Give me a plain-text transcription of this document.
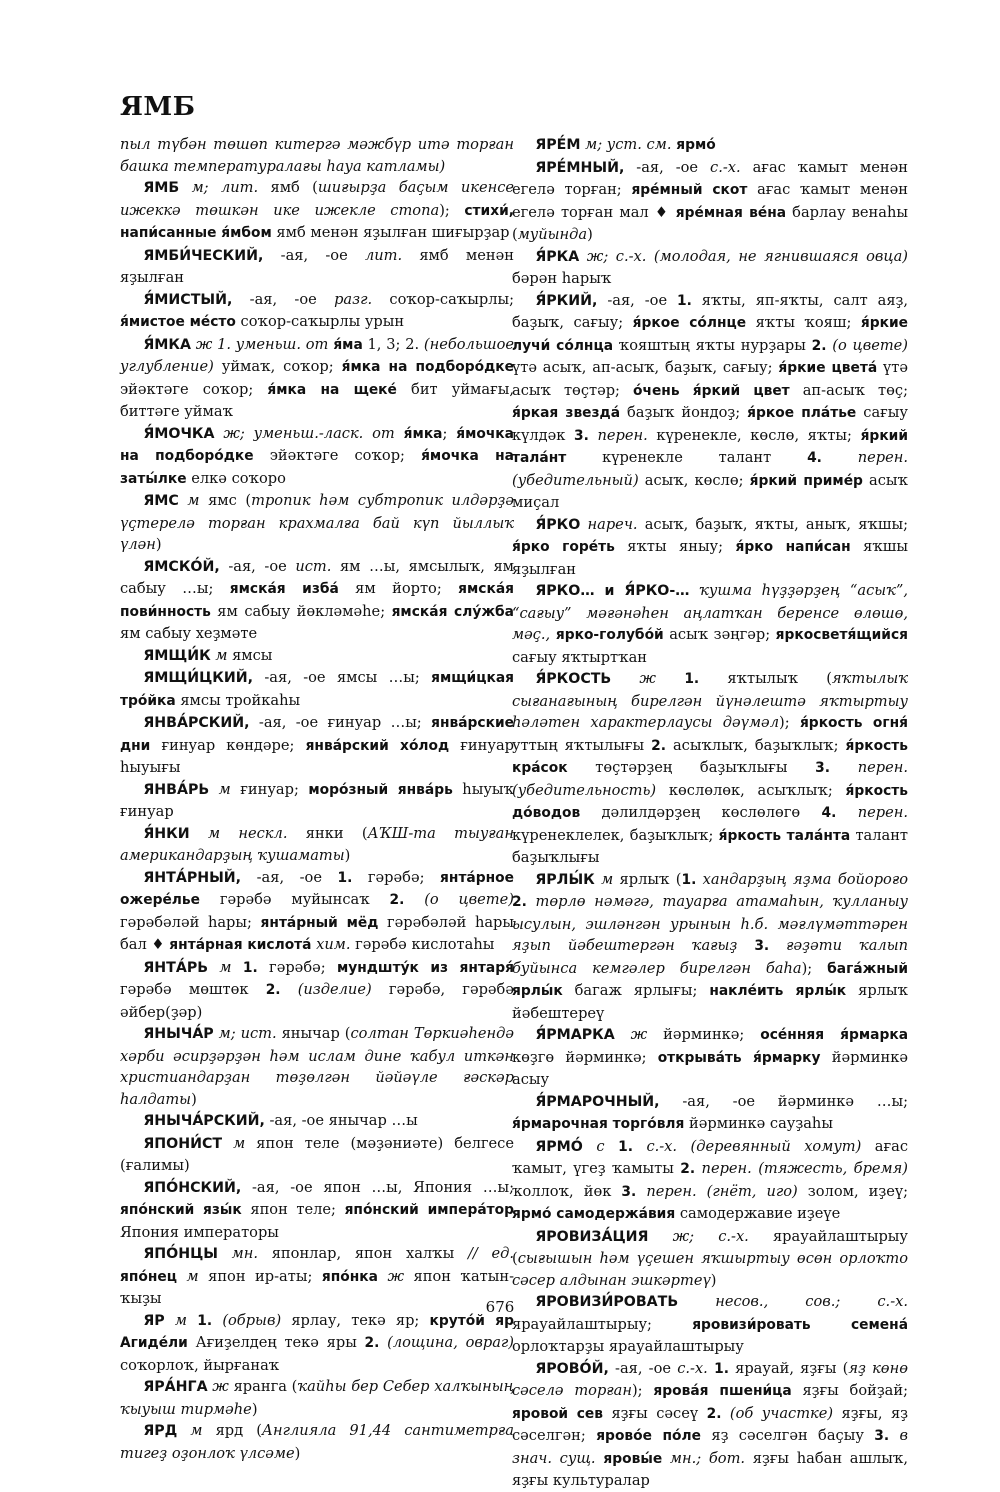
ЯМБ

пыл түбән төшөп китергә мәжбүр итә торған башка температуралағы һауа катламы)

ЯМБ м; лит. ямб (шиғырҙа баҫым икенсе ижеккә төшкән ике ижекле стопа); стихи́, напи́санные я́мбом ямб менән яҙылған шиғырҙар

ЯМБИ́ЧЕСКИЙ, -ая, -ое лит. ямб менән яҙылған

Я́МИСТЫЙ, -ая, -ое разг. соҡор-саҡырлы; я́мистое ме́сто соҡор-саҡырлы урын

Я́МКА ж 1. уменьш. от я́ма 1, 3; 2. (небольшое углубление) уймаҡ, соҡор; я́мка на подборо́дке эйәктәге соҡор; я́мка на щеке́ бит уймағы, биттәге уймаҡ

Я́МОЧКА ж; уменьш.-ласк. от я́мка; я́мочка на подборо́дке эйәктәге соҡор; я́мочка на заты́лке елкә соҡоро

ЯМС м ямс (тропик һәм субтропик илдәрҙә үҫтерелә торған крахмалға бай күп йыллыҡ үлән)

ЯМСКО́Й, -ая, -ое ист. ям …ы, ямсылыҡ, ям сабыу …ы; ямска́я изба́ ям йорто; ямска́я пови́нность ям сабыу йөкләмәһе; ямска́я слу́жба ям сабыу хеҙмәте

ЯМЩИ́К м ямсы

ЯМЩИ́ЦКИЙ, -ая, -ое ямсы …ы; ямщи́цкая тро́йка ямсы тройкаһы

ЯНВА́РСКИЙ, -ая, -ое ғинуар …ы; янва́рские дни ғинуар көндәре; янва́рский хо́лод ғинуар һыуығы

ЯНВА́РЬ м ғинуар; моро́зный янва́рь һыуыҡ ғинуар

Я́НКИ м нескл. янки (АҠШ-та тыуған американдарҙың ҡушаматы)

ЯНТА́РНЫЙ, -ая, -ое 1. гәрәбә; янта́рное ожере́лье гәрәбә муйынсаҡ 2. (о цвете) гәрәбәләй һары; янта́рный мёд гәрәбәләй һары бал ♦ янта́рная кислота́ хим. гәрәбә кислотаһы

ЯНТА́РЬ м 1. гәрәбә; мундшту́к из янтаря́ гәрәбә мөштөк 2. (изделие) гәрәбә, гәрәбә әйбер(ҙәр)

ЯНЫЧА́Р м; ист. янычар (солтан Төркиәһендә хәрби әсирҙәрҙән һәм ислам дине ҡабул иткән христиандарҙан төҙөлгән йәйәүле ғәскәр һалдаты)

ЯНЫЧА́РСКИЙ, -ая, -ое янычар …ы

ЯПОНИ́СТ м япон теле (мәҙәниәте) белгесе (ғалимы)

ЯПО́НСКИЙ, -ая, -ое япон …ы, Япония …ы; япо́нский язы́к япон теле; япо́нский импера́тор Япония императоры

ЯПО́НЦЫ мн. японлар, япон халҡы // ед. япо́нец м япон ир-аты; япо́нка ж япон ҡатын-ҡыҙы

ЯР м 1. (обрыв) ярлау, текә яр; круто́й яр Агиде́ли Ағиҙелдең текә яры 2. (лощина, овраг) соҡорлоҡ, йырғанаҡ

ЯРА́НГА ж яранга (ҡайһы бер Себер халҡының ҡыуыш тирмәһе)

ЯРД м ярд (Англияла 91,44 сантиметрға тигеҙ оҙонлоҡ үлсәме)

ЯРЕ́М м; уст. см. ярмо́

ЯРЕ́МНЫЙ, -ая, -ое с.-х. ағас ҡамыт менән егелә торған; яре́мный скот ағас ҡамыт менән егелә торған мал ♦ яре́мная ве́на барлау венаһы (муйында)

Я́РКА ж; с.-х. (молодая, не ягнившаяся овца) бәрән һарыҡ

Я́РКИЙ, -ая, -ое 1. яҡты, яп-яҡты, салт аяҙ, баҙыҡ, сағыу; я́ркое со́лнце яҡты ҡояш; я́ркие лучи́ со́лнца ҡояштың яҡты нурҙары 2. (о цвете) үтә асыҡ, ап-асыҡ, баҙыҡ, сағыу; я́ркие цвета́ үтә асыҡ төҫтәр; о́чень я́ркий цвет ап-асыҡ төҫ; я́ркая звезда́ баҙыҡ йондоҙ; я́ркое пла́тье сағыу күлдәк 3. перен. күренекле, көслө, яҡты; я́ркий тала́нт күренекле талант 4. перен. (убедительный) асыҡ, көслө; я́ркий приме́р асыҡ миҫал

Я́РКО нареч. асыҡ, баҙыҡ, яҡты, аныҡ, яҡшы; я́рко горе́ть яҡты яныу; я́рко напи́сан яҡшы яҙылған

ЯРКО… и Я́РКО-… ҡушма һүҙҙәрҙең “асыҡ”, “сағыу” мәғәнәһен аңлатҡан беренсе өлөшө, мәҫ., ярко-голубо́й асыҡ зәңгәр; яркосветя́щийся сағыу яҡтыртҡан

Я́РКОСТЬ ж 1. яҡтылыҡ (яҡтылыҡ сығанағының бирелгән йүнәлештә яҡтыртыу һәләтен характерлаусы дәүмәл); я́ркость огня́ уттың яҡтылығы 2. асыҡлыҡ, баҙыҡлыҡ; я́ркость кра́сок төҫтәрҙең баҙыҡлығы 3. перен. (убедительность) көслөлөк, асыҡлыҡ; я́ркость до́водов дәлилдәрҙең көслөлөгө 4. перен. күренеклелек, баҙыҡлыҡ; я́ркость тала́нта талант баҙыҡлығы

ЯРЛЫ́К м ярлыҡ (1. хандарҙың яҙма бойороғо 2. төрлө нәмәгә, тауарға атамаһын, ҡулланыу ысулын, эшләнгән урынын һ.б. мәғлүмәттәрен яҙып йәбештергән ҡағыҙ 3. ғәҙәти ҡалып буйынса кемгәлер бирелгән баһа); бага́жный ярлы́к багаж ярлығы; накле́ить ярлы́к ярлыҡ йәбештереү

Я́РМАРКА ж йәрминкә; осе́нняя я́рмарка көҙгө йәрминкә; открыва́ть я́рмарку йәрминкә асыу

Я́РМАРОЧНЫЙ, -ая, -ое йәрминкә …ы; я́рмарочная торго́вля йәрминкә сауҙаһы

ЯРМО́ с 1. с.-х. (деревянный хомут) ағас ҡамыт, үгеҙ ҡамыты 2. перен. (тяжесть, бремя) ҡоллоҡ, йөк 3. перен. (гнёт, иго) золом, иҙеү; ярмо́ самодержа́вия самодержавие иҙеүе

ЯРОВИЗА́ЦИЯ ж; с.-х. ярауайлаштырыу (сығышын һәм үҫешен яҡшыртыу өсөн орлоҡто сәсер алдынан эшкәртеү)

ЯРОВИЗИ́РОВАТЬ несов., сов.; с.-х. ярауайлаштырыу; яровизи́ровать семена́ орлоҡтарҙы ярауайлаштырыу

ЯРОВО́Й, -ая, -ое с.-х. 1. ярауай, яҙғы (яҙ көнө сәселә торған); ярова́я пшени́ца яҙғы бойҙай; яровой сев яҙғы сәсеү 2. (об участке) яҙғы, яҙ сәселгән; ярово́е по́ле яҙ сәселгән баҫыу 3. в знач. сущ. яровы́е мн.; бот. яҙғы һабан ашлыҡ, яҙғы культуралар

676
